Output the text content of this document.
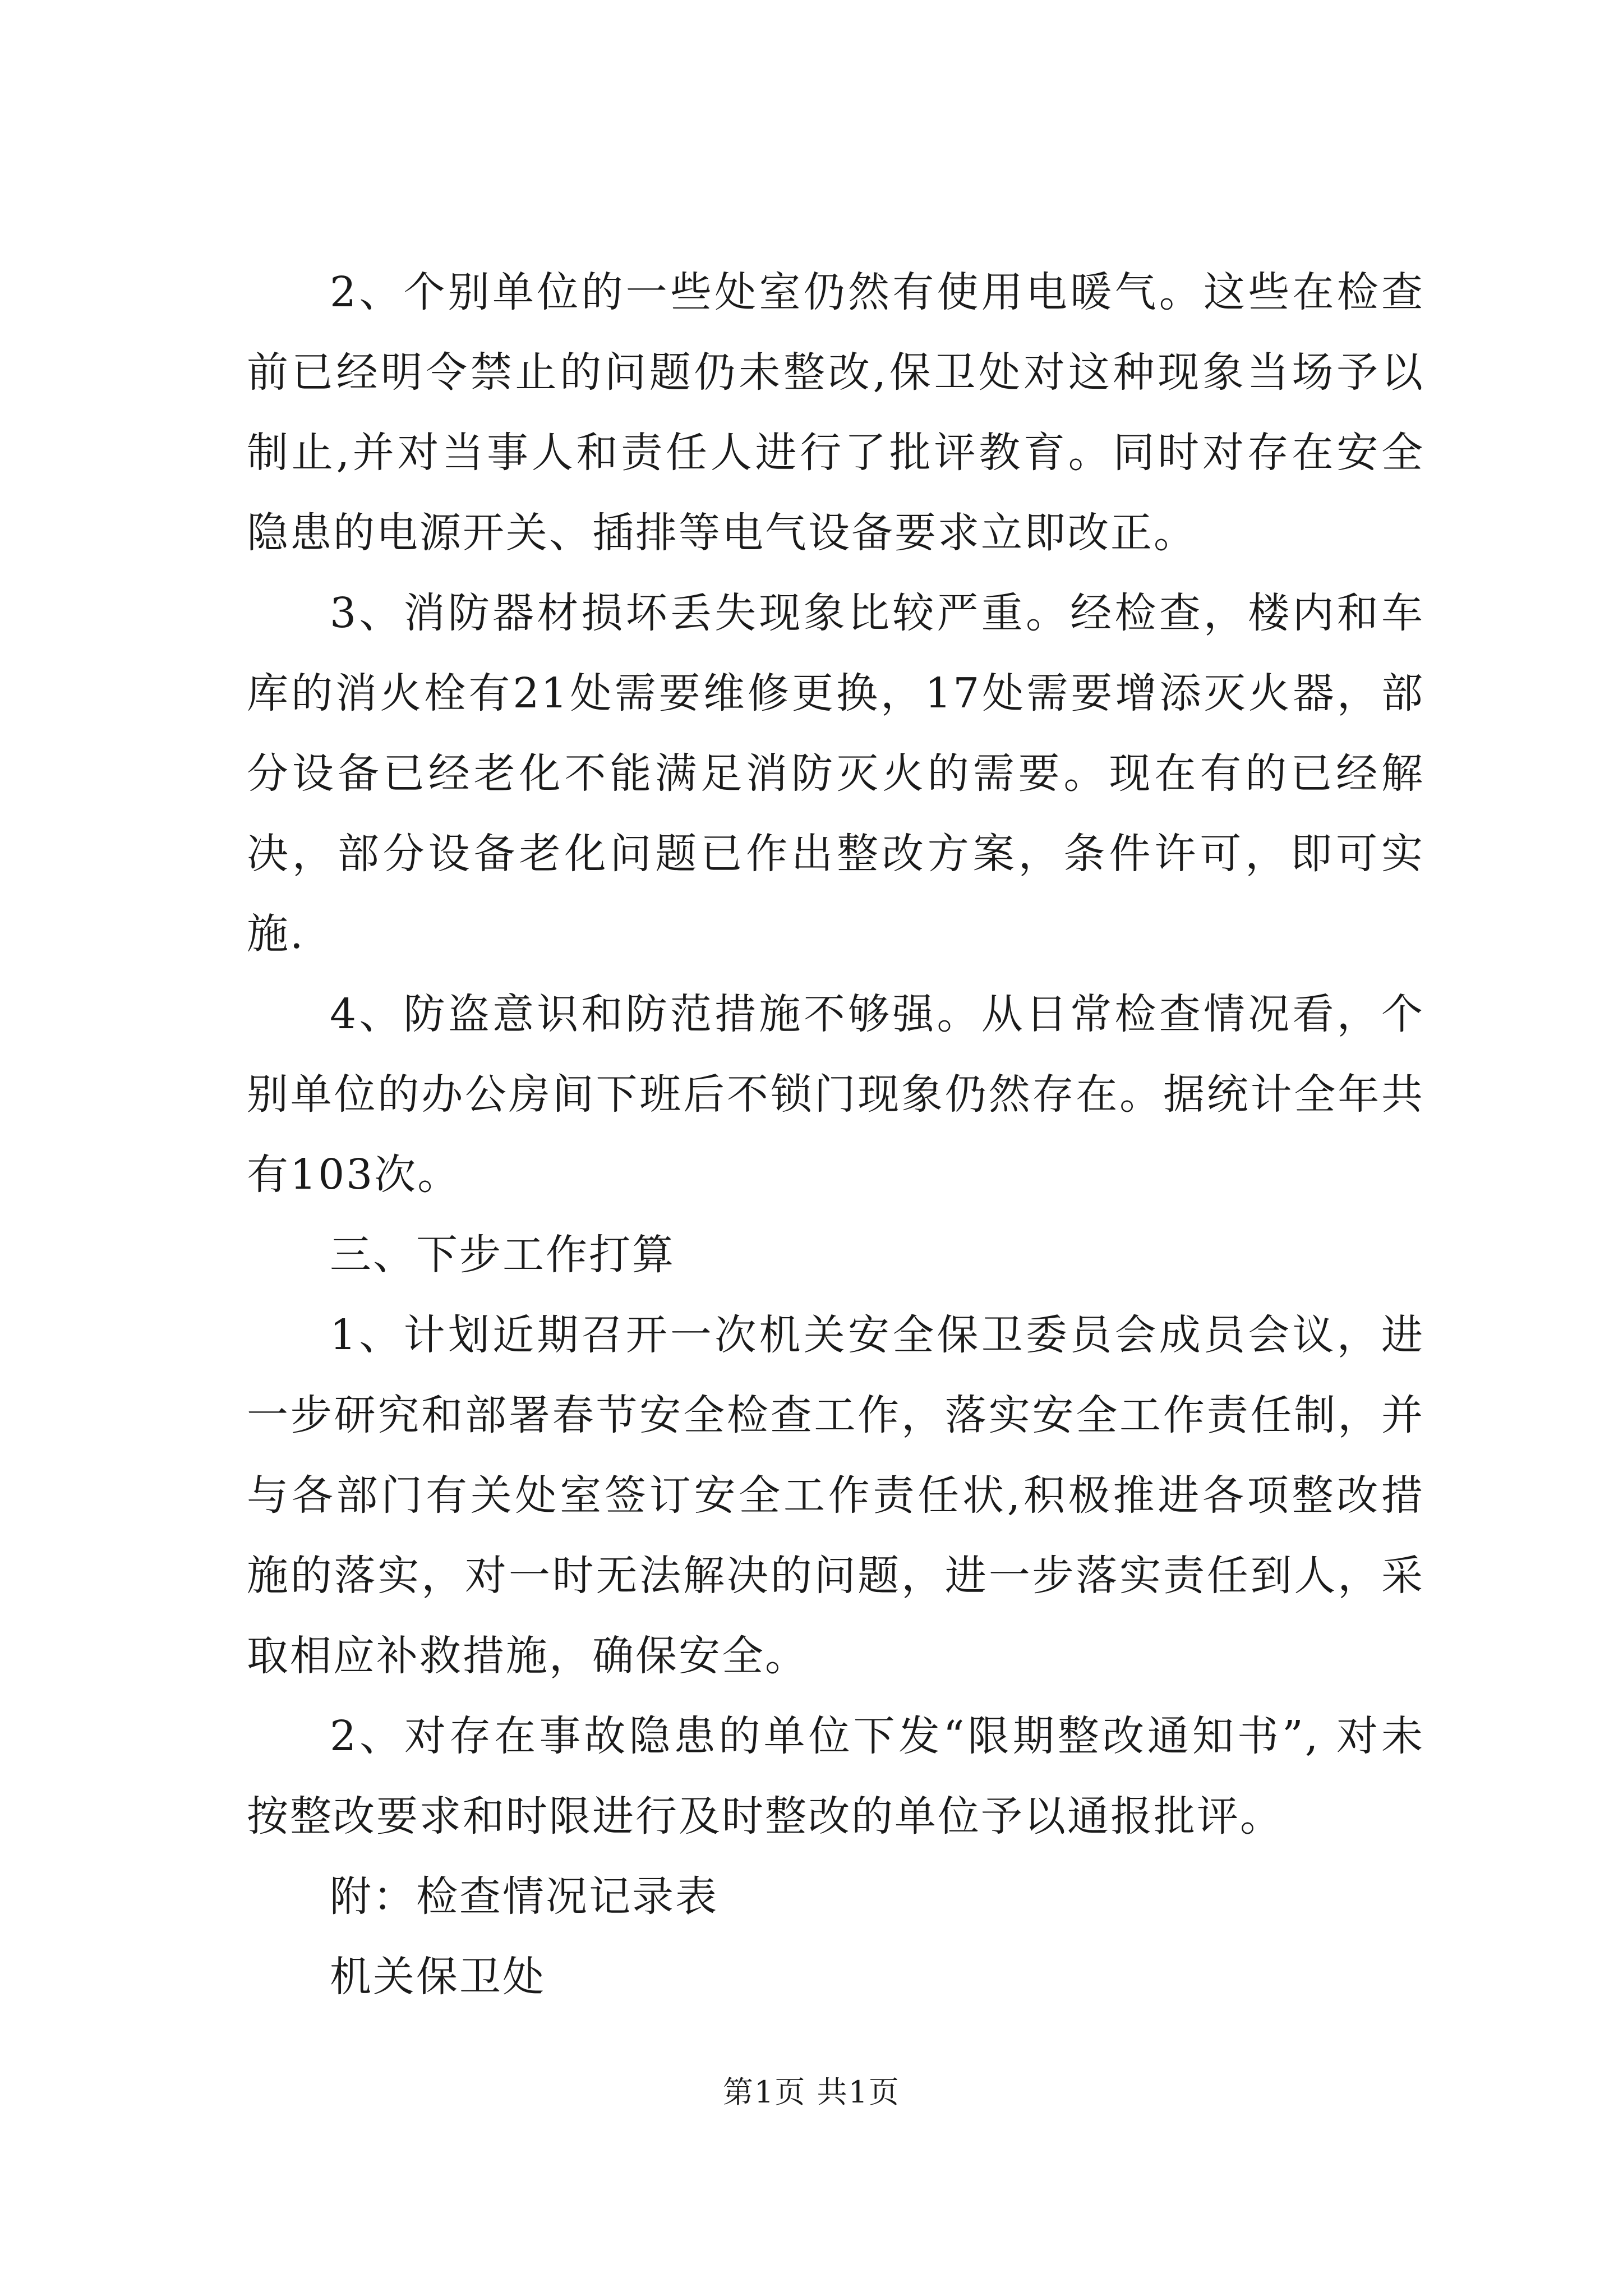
2、个别单位的一些处室仍然有使用电暖气。这些在检查前已经明令禁止的问题仍未整改,保卫处对这种现象当场予以制止,并对当事人和责任人进行了批评教育。同时对存在安全隐患的电源开关、插排等电气设备要求立即改正。

3、消防器材损坏丢失现象比较严重。经检查，楼内和车库的消火栓有21处需要维修更换，17处需要增添灭火器，部分设备已经老化不能满足消防灭火的需要。现在有的已经解决，部分设备老化问题已作出整改方案，条件许可，即可实施.

4、防盗意识和防范措施不够强。从日常检查情况看，个别单位的办公房间下班后不锁门现象仍然存在。据统计全年共有103次。

三、下步工作打算

1、计划近期召开一次机关安全保卫委员会成员会议，进一步研究和部署春节安全检查工作，落实安全工作责任制，并与各部门有关处室签订安全工作责任状,积极推进各项整改措施的落实，对一时无法解决的问题，进一步落实责任到人，采取相应补救措施，确保安全。

2、对存在事故隐患的单位下发“限期整改通知书”, 对未按整改要求和时限进行及时整改的单位予以通报批评。

附：检查情况记录表

机关保卫处

第1页 共1页
